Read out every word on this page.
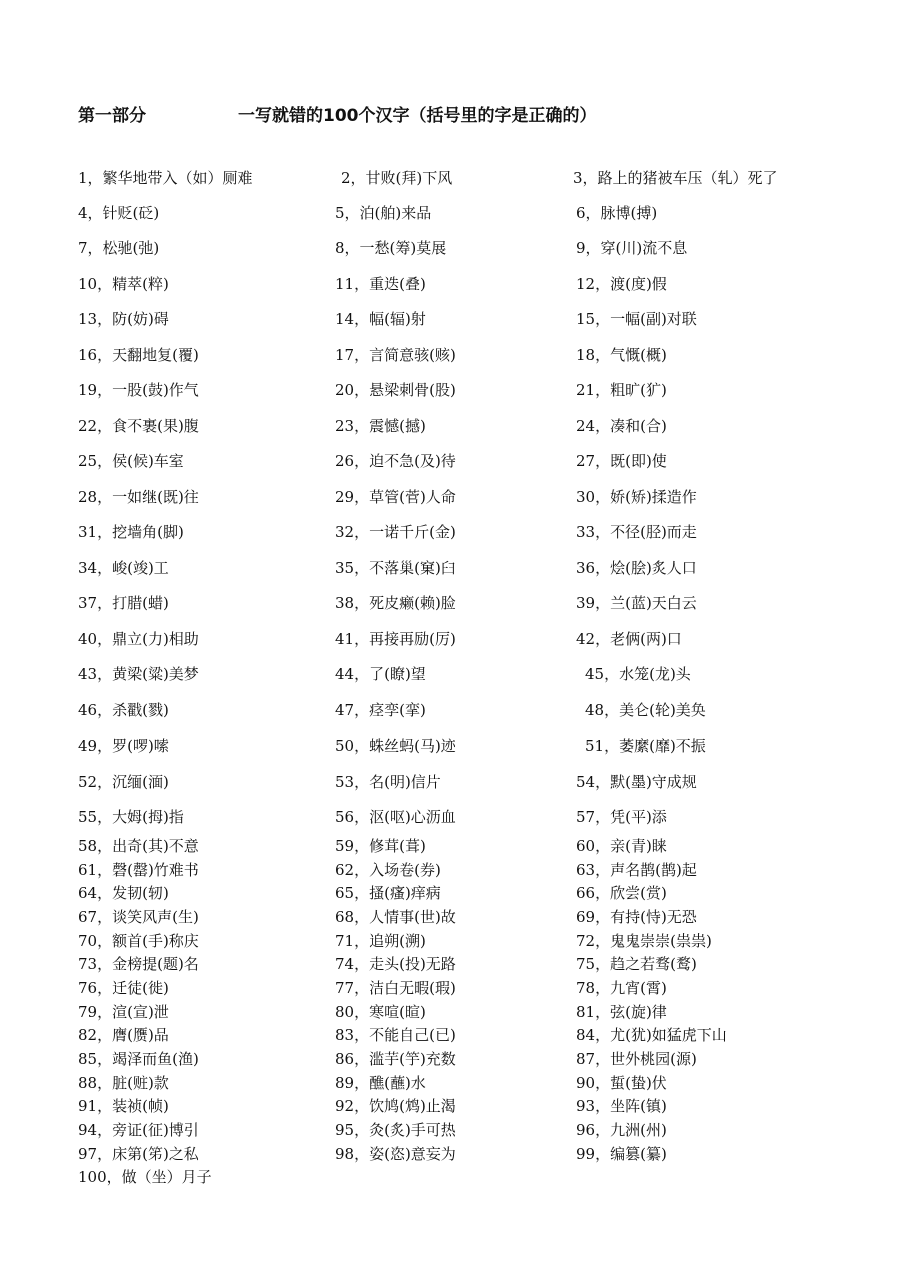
第一部分	一写就错的100个汉字（括号里的字是正确的）
1，繁华地带入（如）厕难	2，甘败(拜)下风	3，路上的猪被车压（轧）死了
4，针贬(砭)	5，泊(舶)来品	6，脉博(搏)
7，松驰(弛)	8，一愁(筹)莫展	9，穿(川)流不息
10，精萃(粹)	11，重迭(叠)	12，渡(度)假
13，防(妨)碍	14，幅(辐)射	15，一幅(副)对联
16，天翻地复(覆)	17，言简意骇(赅)	18，气慨(概)
19，一股(鼓)作气	20，悬梁刺骨(股)	21，粗旷(犷)
22，食不裹(果)腹	23，震憾(撼)	24，凑和(合)
25，侯(候)车室	26，迫不急(及)待	27，既(即)使
28，一如继(既)往	29，草管(菅)人命	30，娇(矫)揉造作
31，挖墙角(脚)	32，一诺千斤(金)	33，不径(胫)而走
34，峻(竣)工	35，不落巢(窠)臼	36，烩(脍)炙人口
37，打腊(蜡)	38，死皮癞(赖)脸	39，兰(蓝)天白云
40，鼎立(力)相助	41，再接再励(厉)	42，老俩(两)口
43，黄梁(粱)美梦	44，了(瞭)望	45，水笼(龙)头
46，杀戳(戮)	47，痉孪(挛)	48，美仑(轮)美奂
49，罗(啰)嗦	50，蛛丝蚂(马)迹	51，萎縻(靡)不振
52，沉缅(湎)	53，名(明)信片	54，默(墨)守成规
55，大姆(拇)指	56，沤(呕)心沥血	57，凭(平)添
58，出奇(其)不意	59，修茸(葺)	60，亲(青)睐
61，磬(罄)竹难书	62，入场卷(券)	63，声名鹊(鹊)起
64，发韧(轫)	65，搔(瘙)痒病	66，欣尝(赏)
67，谈笑风声(生)	68，人情事(世)故	69，有持(恃)无恐
70，额首(手)称庆	71，追朔(溯)	72，鬼鬼崇崇(祟祟)
73，金榜提(题)名	74，走头(投)无路	75，趋之若骛(鹜)
76，迁徒(徙)	77，洁白无暇(瑕)	78，九宵(霄)
79，渲(宣)泄	80，寒喧(暄)	81，弦(旋)律
82，膺(赝)品	83，不能自己(已)	84，尤(犹)如猛虎下山
85，竭泽而鱼(渔)	86，滥芋(竽)充数	87，世外桃园(源)
88，脏(赃)款	89，醮(蘸)水	90，蜇(蛰)伏
91，装祯(帧)	92，饮鸠(鸩)止渴	93，坐阵(镇)
94，旁证(征)博引	95，灸(炙)手可热	96，九洲(州)
97，床第(笫)之私	98，姿(恣)意妄为	99，编篡(纂)
100，做（坐）月子
